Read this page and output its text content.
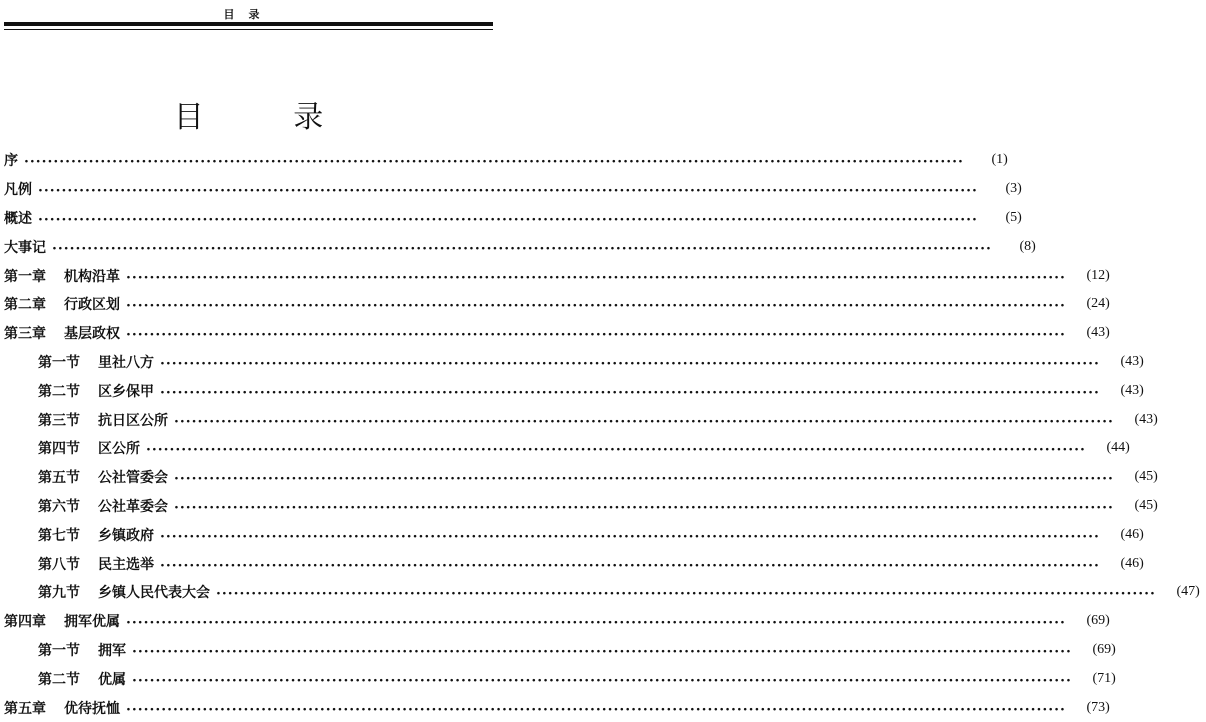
目录
目 录
序 ································································································································································	(1)
凡例 ································································································································································	(3)
概述 ································································································································································	(5)
大事记 ································································································································································	(8)
第一章 机构沿革 ································································································································································	(12)
第二章 行政区划 ································································································································································	(24)
第三章 基层政权 ································································································································································	(43)
第一节 里社八方 ································································································································································	(43)
第二节 区乡保甲 ································································································································································	(43)
第三节 抗日区公所 ································································································································································	(43)
第四节 区公所 ································································································································································	(44)
第五节 公社管委会 ································································································································································	(45)
第六节 公社革委会 ································································································································································	(45)
第七节 乡镇政府 ································································································································································	(46)
第八节 民主选举 ································································································································································	(46)
第九节 乡镇人民代表大会 ································································································································································	(47)
第四章 拥军优属 ································································································································································	(69)
第一节 拥军 ································································································································································	(69)
第二节 优属 ································································································································································	(71)
第五章 优待抚恤 ································································································································································	(73)
